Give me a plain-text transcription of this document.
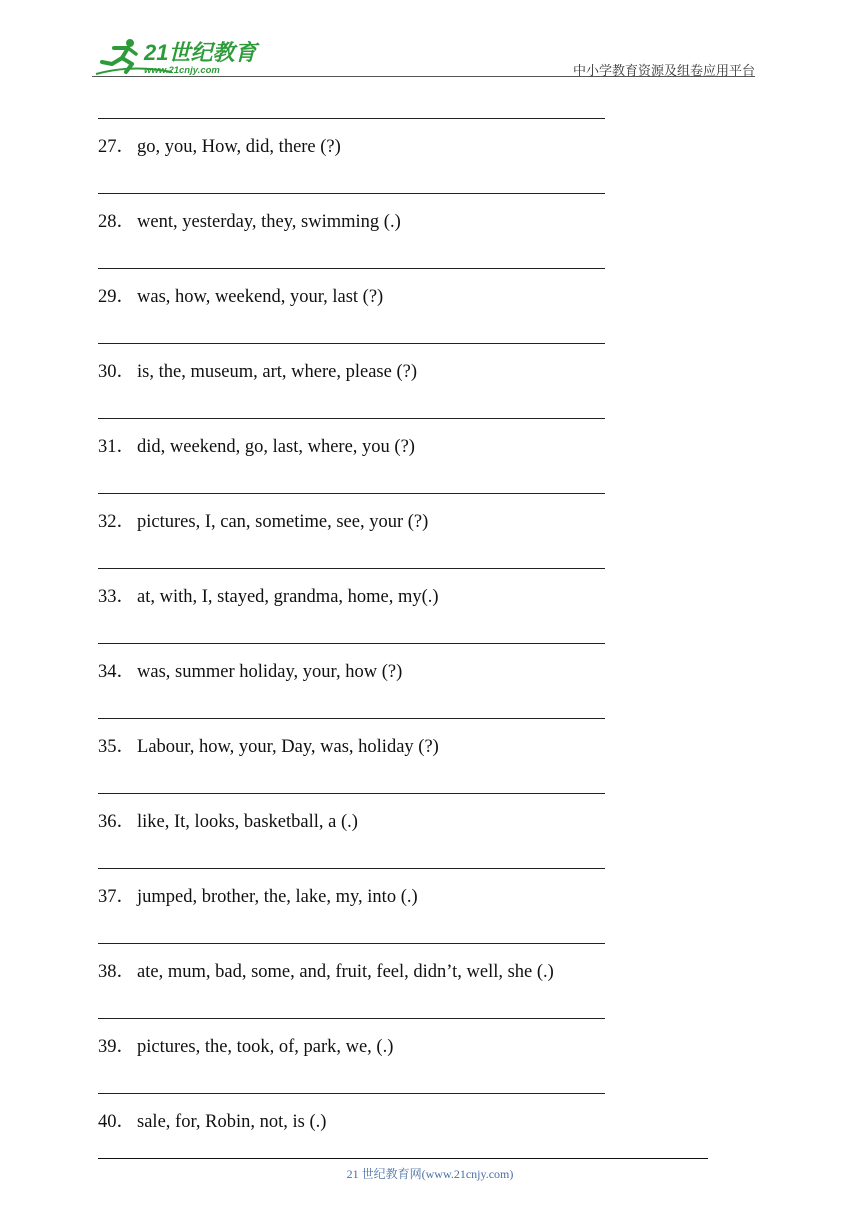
21世纪教育
www.21cnjy.com	中小学教育资源及组卷应用平台
27． go, you, How, did, there (?)
28． went, yesterday, they, swimming (.)
29． was, how, weekend, your, last (?)
30． is, the, museum, art, where, please (?)
31． did, weekend, go, last, where, you (?)
32． pictures, I, can, sometime, see, your (?)
33． at, with, I, stayed, grandma, home, my(.)
34． was, summer holiday, your, how (?)
35． Labour, how, your, Day, was, holiday (?)
36． like, It, looks, basketball, a (.)
37． jumped, brother, the, lake, my, into (.)
38． ate, mum, bad, some, and, fruit, feel, didn’t, well, she (.)
39． pictures, the, took, of, park, we, (.)
40． sale, for, Robin, not, is (.)
21 世纪教育网(www.21cnjy.com)
